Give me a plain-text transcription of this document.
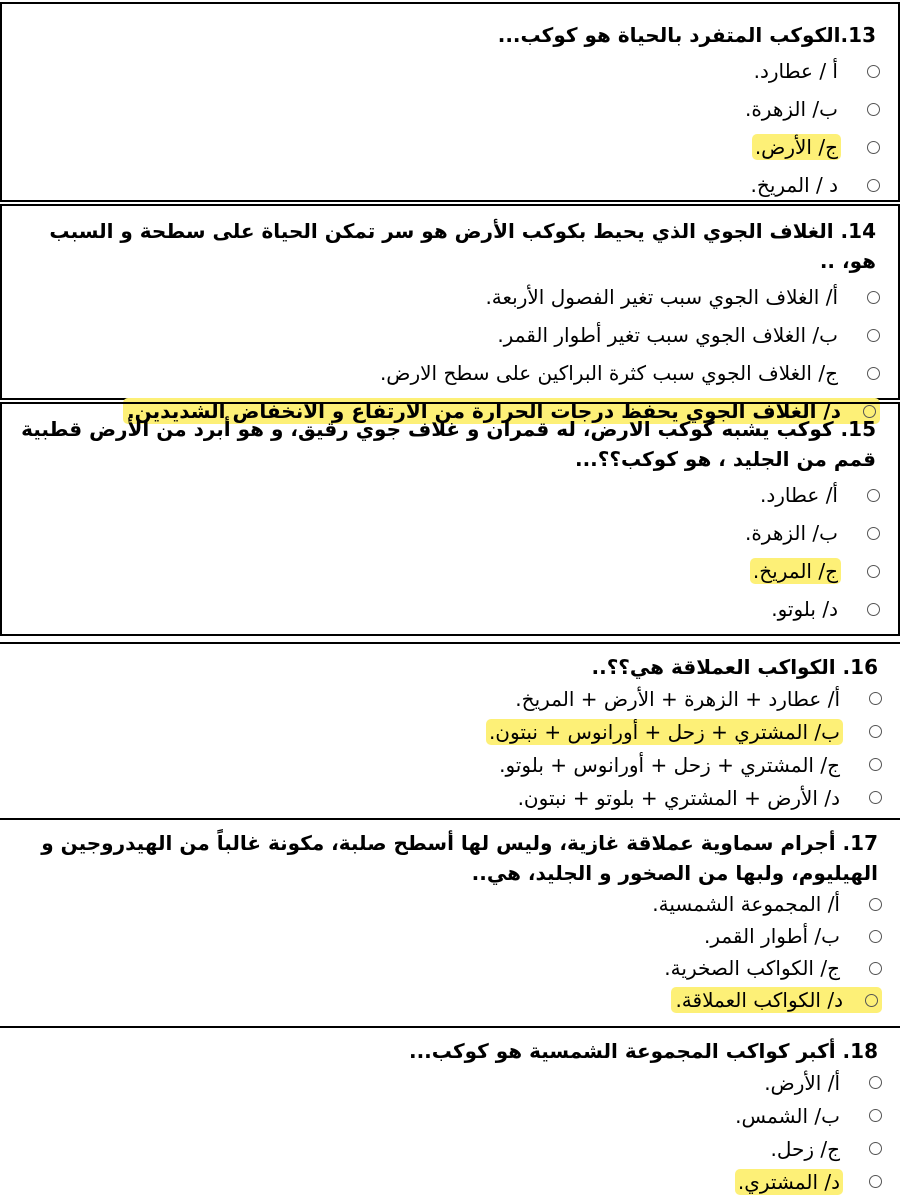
13.الكوكب المتفرد بالحياة هو كوكب...
أ / عطارد.
ب/ الزهرة.
ج/ الأرض.
د / المريخ.
14. الغلاف الجوي الذي يحيط بكوكب الأرض هو سر تمكن الحياة على سطحة و السبب هو، ..
أ/ الغلاف الجوي سبب تغير الفصول الأربعة.
ب/ الغلاف الجوي سبب تغير أطوار القمر.
ج/ الغلاف الجوي سبب كثرة البراكين على سطح الارض.
د/ الغلاف الجوي يحفظ درجات الحرارة من الارتفاع و الانخفاض الشديدين.
15. كوكب يشبه كوكب الارض، له قمران و غلاف جوي رقيق، و هو أبرد من الأرض قطبية قمم من الجليد ، هو كوكب؟؟...
أ/ عطارد.
ب/ الزهرة.
ج/ المريخ.
د/ بلوتو.
16. الكواكب العملاقة هي؟؟..
أ/ عطارد + الزهرة + الأرض + المريخ.
ب/ المشتري + زحل + أورانوس + نبتون.
ج/ المشتري + زحل + أورانوس + بلوتو.
د/ الأرض + المشتري + بلوتو + نبتون.
17. أجرام سماوية عملاقة غازية، وليس لها أسطح صلبة، مكونة غالباً من الهيدروجين و الهيليوم، ولبها من الصخور و الجليد، هي..
أ/ المجموعة الشمسية.
ب/ أطوار القمر.
ج/ الكواكب الصخرية.
د/ الكواكب العملاقة.
18. أكبر كواكب المجموعة الشمسية هو كوكب...
أ/ الأرض.
ب/ الشمس.
ج/ زحل.
د/ المشتري.
